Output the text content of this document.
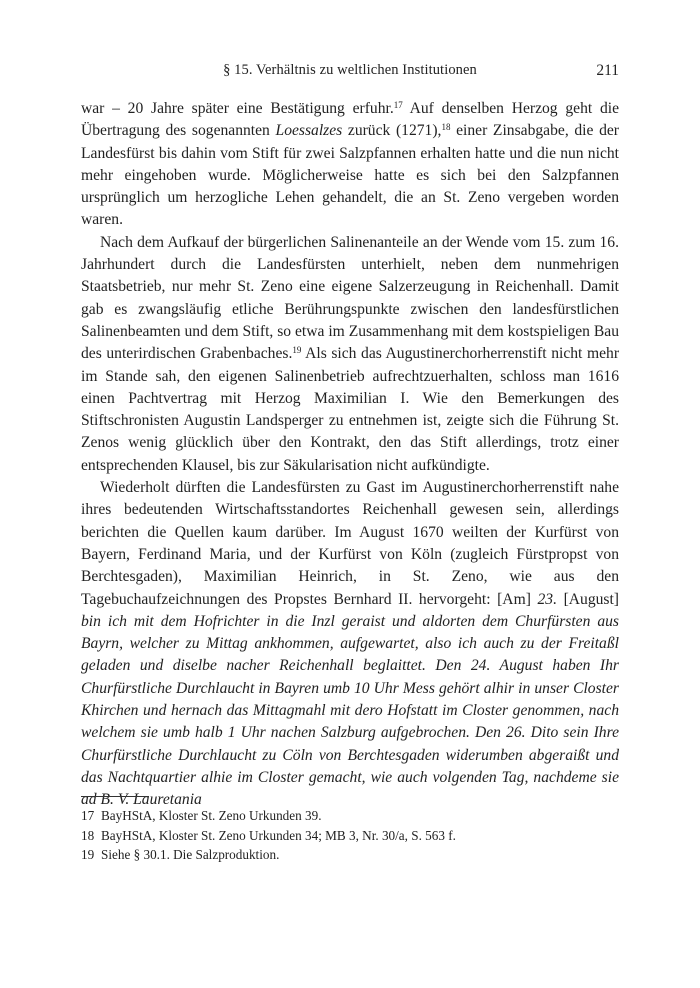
§ 15. Verhältnis zu weltlichen Institutionen	211

war – 20 Jahre später eine Bestätigung erfuhr.$^{17}$ Auf denselben Herzog geht die Übertragung des sogenannten Loessalzes zurück (1271),$^{18}$ einer Zinsabgabe, die der Landesfürst bis dahin vom Stift für zwei Salzpfannen erhalten hatte und die nun nicht mehr eingehoben wurde. Möglicherweise hatte es sich bei den Salzpfannen ursprünglich um herzogliche Lehen gehandelt, die an St. Zeno vergeben worden waren.

Nach dem Aufkauf der bürgerlichen Salinenanteile an der Wende vom 15. zum 16. Jahrhundert durch die Landesfürsten unterhielt, neben dem nunmehrigen Staatsbetrieb, nur mehr St. Zeno eine eigene Salzerzeugung in Reichenhall. Damit gab es zwangsläufig etliche Berührungspunkte zwischen den landesfürstlichen Salinenbeamten und dem Stift, so etwa im Zusammenhang mit dem kostspieligen Bau des unterirdischen Grabenbaches.$^{19}$ Als sich das Augustinerchorherrenstift nicht mehr im Stande sah, den eigenen Salinenbetrieb aufrechtzuerhalten, schloss man 1616 einen Pachtvertrag mit Herzog Maximilian I. Wie den Bemerkungen des Stiftschronisten Augustin Landsperger zu entnehmen ist, zeigte sich die Führung St. Zenos wenig glücklich über den Kontrakt, den das Stift allerdings, trotz einer entsprechenden Klausel, bis zur Säkularisation nicht aufkündigte.

Wiederholt dürften die Landesfürsten zu Gast im Augustinerchorherrenstift nahe ihres bedeutenden Wirtschaftsstandortes Reichenhall gewesen sein, allerdings berichten die Quellen kaum darüber. Im August 1670 weilten der Kurfürst von Bayern, Ferdinand Maria, und der Kurfürst von Köln (zugleich Fürstpropst von Berchtesgaden), Maximilian Heinrich, in St. Zeno, wie aus den Tagebuchaufzeichnungen des Propstes Bernhard II. hervorgeht: [Am] 23. [August] bin ich mit dem Hofrichter in die Inzl geraist und aldorten dem Churfürsten aus Bayrn, welcher zu Mittag ankhommen, aufgewartet, also ich auch zu der Freitaßl geladen und diselbe nacher Reichenhall beglaittet. Den 24. August haben Ihr Churfürstliche Durchlaucht in Bayren umb 10 Uhr Mess gehört alhir in unser Closter Khirchen und hernach das Mittagmahl mit dero Hofstatt im Closter genommen, nach welchem sie umb halb 1 Uhr nachen Salzburg aufgebrochen. Den 26. Dito sein Ihre Churfürstliche Durchlaucht zu Cöln von Berchtesgaden widerumben abgeraißt und das Nachtquartier alhie im Closter gemacht, wie auch volgenden Tag, nachdeme sie ad B. V. Lauretania

17 BayHStA, Kloster St. Zeno Urkunden 39.
18 BayHStA, Kloster St. Zeno Urkunden 34; MB 3, Nr. 30/a, S. 563 f.
19 Siehe § 30.1. Die Salzproduktion.
